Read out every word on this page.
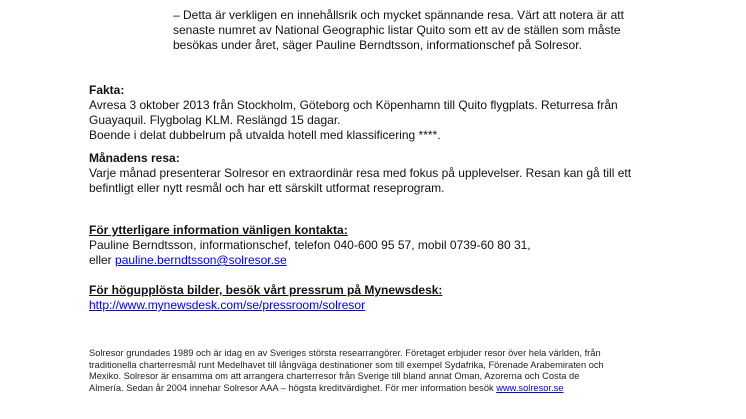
– Detta är verkligen en innehållsrik och mycket spännande resa. Värt att notera är att
senaste numret av National Geographic listar Quito som ett av de ställen som måste
besökas under året, säger Pauline Berndtsson, informationschef på Solresor.
Fakta:

Avresa 3 oktober 2013 från Stockholm, Göteborg och Köpenhamn till Quito flygplats. Returresa från

Guayaquil. Flygbolag KLM. Reslängd 15 dagar.

Boende i delat dubbelrum på utvalda hotell med klassificering ****.

Månadens resa:

Varje månad presenterar Solresor en extraordinär resa med fokus på upplevelser. Resan kan gå till ett

befintligt eller nytt resmål och har ett särskilt utformat reseprogram.

För ytterligare information vänligen kontakta:

Pauline Berndtsson, informationschef, telefon 040-600 95 57, mobil 0739-60 80 31,

eller pauline.berndtsson@solresor.se

För högupplösta bilder, besök vårt pressrum på Mynewsdesk:

http://www.mynewsdesk.com/se/pressroom/solresor

Solresor grundades 1989 och är idag en av Sveriges största researrangörer. Företaget erbjuder resor över hela världen, från
traditionella charterresmål runt Medelhavet till långväga destinationer som till exempel Sydafrika, Förenade Arabemiraten och
Mexiko. Solresor är ensamma om att arrangera charterresor från Sverige till bland annat Oman, Azorerna och Costa de
Almería. Sedan år 2004 innehar Solresor AAA – högsta kreditvärdighet. För mer information besök www.solresor.se
